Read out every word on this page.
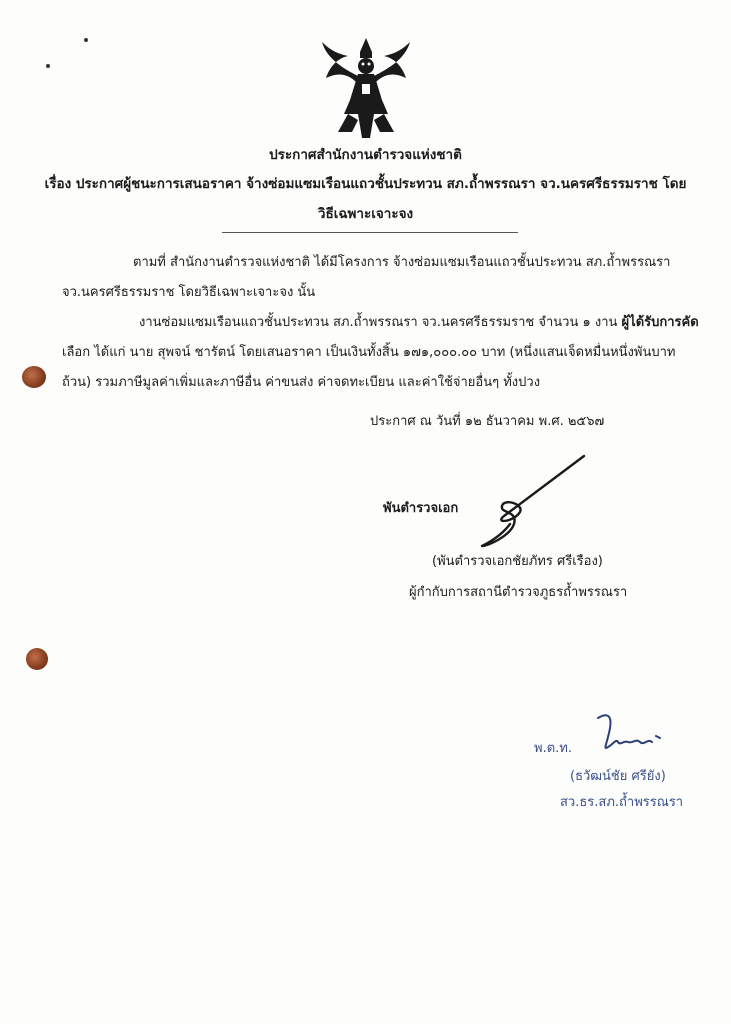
ประกาศสำนักงานตำรวจแห่งชาติ
เรื่อง ประกาศผู้ชนะการเสนอราคา จ้างซ่อมแซมเรือนแถวชั้นประทวน สภ.ถ้ำพรรณรา จว.นครศรีธรรมราช โดย
วิธีเฉพาะเจาะจง
ตามที่ สำนักงานตำรวจแห่งชาติ ได้มีโครงการ จ้างซ่อมแซมเรือนแถวชั้นประทวน สภ.ถ้ำพรรณรา
จว.นครศรีธรรมราช โดยวิธีเฉพาะเจาะจง นั้น
งานซ่อมแซมเรือนแถวชั้นประทวน สภ.ถ้ำพรรณรา จว.นครศรีธรรมราช จำนวน ๑ งาน ผู้ได้รับการคัด
เลือก ได้แก่ นาย สุพจน์ ชารัตน์ โดยเสนอราคา เป็นเงินทั้งสิ้น ๑๗๑,๐๐๐.๐๐ บาท (หนึ่งแสนเจ็ดหมื่นหนึ่งพันบาท
ถ้วน) รวมภาษีมูลค่าเพิ่มและภาษีอื่น ค่าขนส่ง ค่าจดทะเบียน และค่าใช้จ่ายอื่นๆ ทั้งปวง
ประกาศ ณ วันที่ ๑๒ ธันวาคม พ.ศ. ๒๕๖๗
พันตำรวจเอก
(พันตำรวจเอกชัยภัทร ศรีเรือง)
ผู้กำกับการสถานีตำรวจภูธรถ้ำพรรณรา
พ.ต.ท.
(ธวัฒน์ชัย ศรียัง)
สว.ธร.สภ.ถ้ำพรรณรา
